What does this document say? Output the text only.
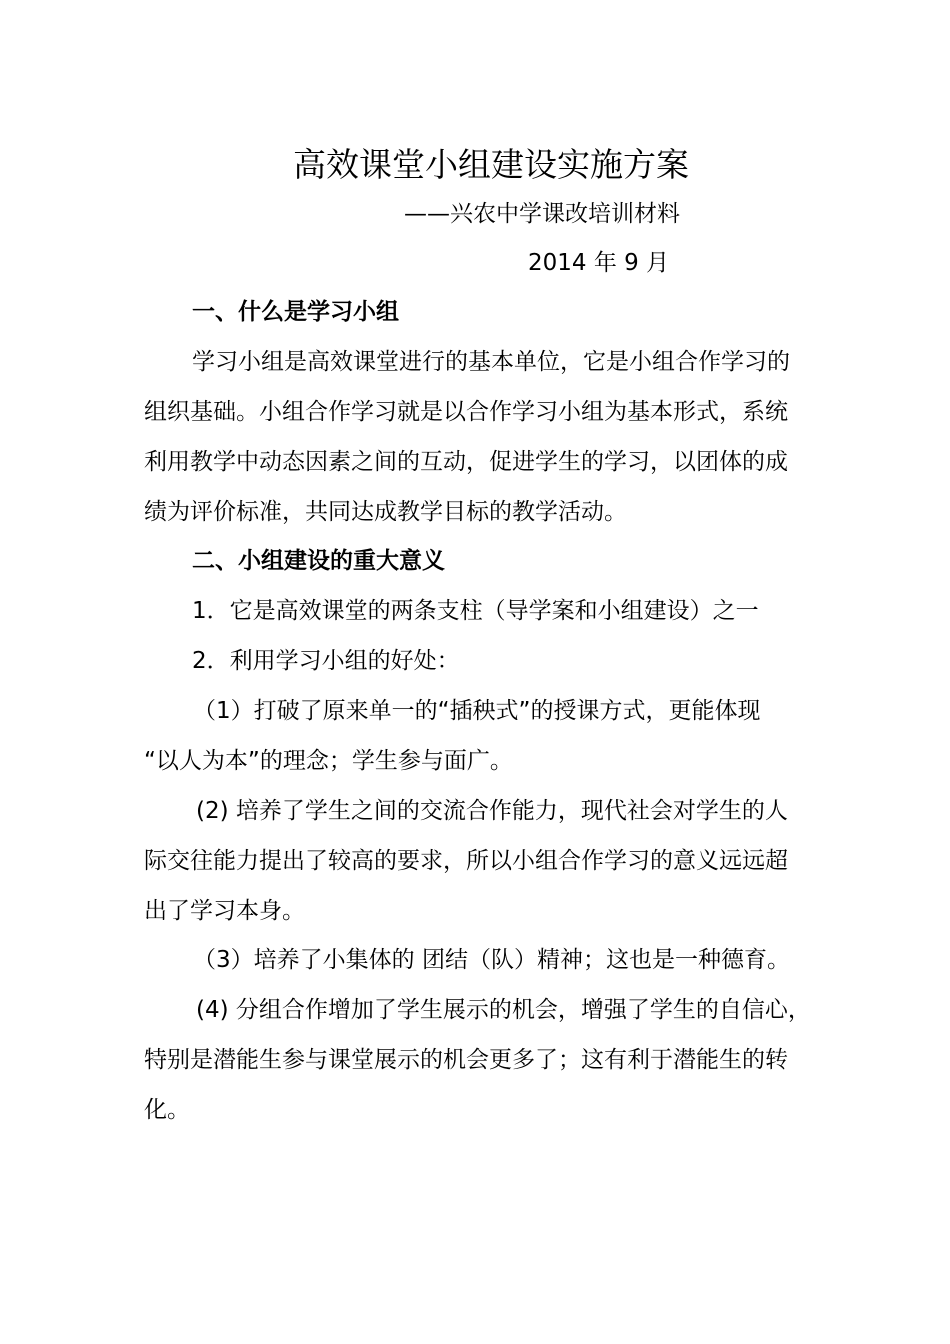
高效课堂小组建设实施方案
——兴农中学课改培训材料
2014 年 9 月
一、什么是学习小组
学习小组是高效课堂进行的基本单位，它是小组合作学习的
组织基础。小组合作学习就是以合作学习小组为基本形式，系统
利用教学中动态因素之间的互动，促进学生的学习，以团体的成
绩为评价标准，共同达成教学目标的教学活动。
二、小组建设的重大意义
1．它是高效课堂的两条支柱（导学案和小组建设）之一
2．利用学习小组的好处：
（1）打破了原来单一的“插秧式”的授课方式，更能体现
“以人为本”的理念；学生参与面广。
(2) 培养了学生之间的交流合作能力，现代社会对学生的人
际交往能力提出了较高的要求，所以小组合作学习的意义远远超
出了学习本身。
（3）培养了小集体的 团结（队）精神；这也是一种德育。
(4) 分组合作增加了学生展示的机会，增强了学生的自信心，
特别是潜能生参与课堂展示的机会更多了；这有利于潜能生的转
化。
